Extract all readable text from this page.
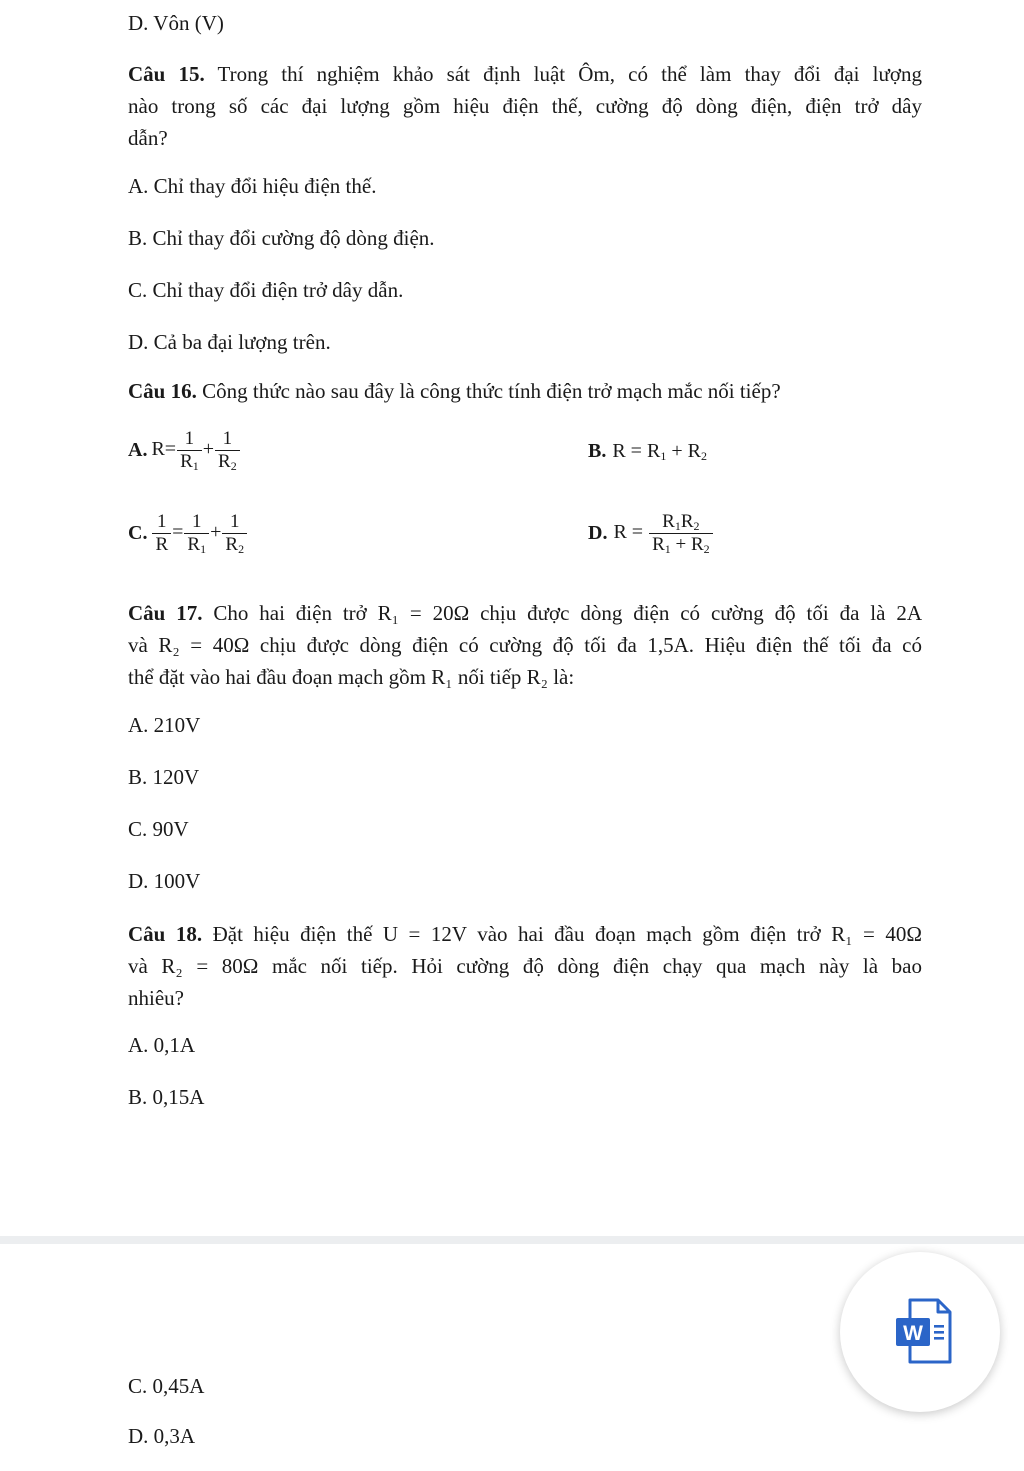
D. Vôn (V)
Câu 15. Trong thí nghiệm khảo sát định luật Ôm, có thể làm thay đổi đại lượng
nào trong số các đại lượng gồm hiệu điện thế, cường độ dòng điện, điện trở dây
dẫn?
A. Chỉ thay đổi hiệu điện thế.
B. Chỉ thay đổi cường độ dòng điện.
C. Chỉ thay đổi điện trở dây dẫn.
D. Cả ba đại lượng trên.
Câu 16. Công thức nào sau đây là công thức tính điện trở mạch mắc nối tiếp?
A. $R= \frac{1}{R_1} + \frac{1}{R_2}$	B. $R = R_1 + R_2$
C. $\frac{1}{R} = \frac{1}{R_1} + \frac{1}{R_2}$	D. $R = \frac{R_1R_2}{R_1 + R_2}$
Câu 17. Cho hai điện trở R₁ = 20Ω chịu được dòng điện có cường độ tối đa là 2A
và R₂ = 40Ω chịu được dòng điện có cường độ tối đa 1,5A. Hiệu điện thế tối đa có
thể đặt vào hai đầu đoạn mạch gồm R₁ nối tiếp R₂ là:
A. 210V
B. 120V
C. 90V
D. 100V
Câu 18. Đặt hiệu điện thế U = 12V vào hai đầu đoạn mạch gồm điện trở R₁ = 40Ω
và R₂ = 80Ω mắc nối tiếp. Hỏi cường độ dòng điện chạy qua mạch này là bao
nhiêu?
A. 0,1A
B. 0,15A
C. 0,45A
D. 0,3A
W
